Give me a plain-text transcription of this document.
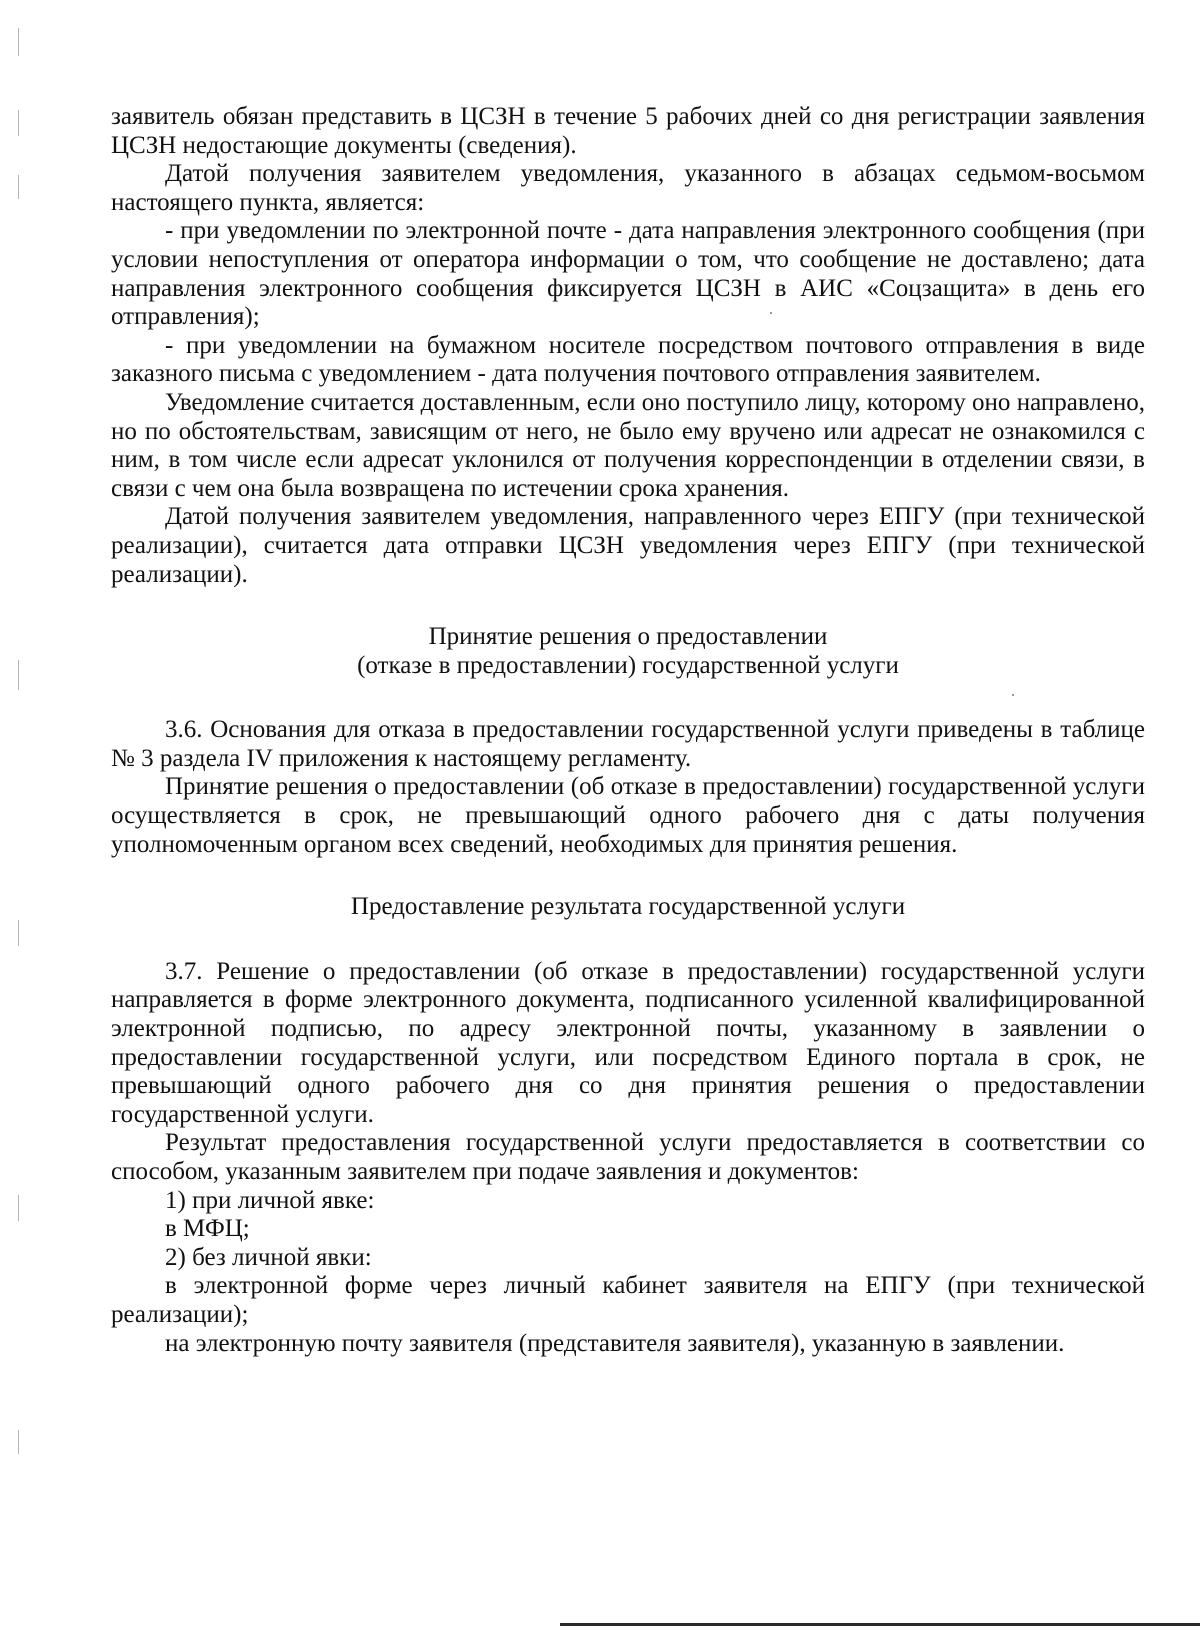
заявитель обязан представить в ЦСЗН в течение 5 рабочих дней со дня регистрации заявления ЦСЗН недостающие документы (сведения).

Датой получения заявителем уведомления, указанного в абзацах седьмом-восьмом настоящего пункта, является:

- при уведомлении по электронной почте - дата направления электронного сообщения (при условии непоступления от оператора информации о том, что сообщение не доставлено; дата направления электронного сообщения фиксируется ЦСЗН в АИС «Соцзащита» в день его отправления);

- при уведомлении на бумажном носителе посредством почтового отправления в виде заказного письма с уведомлением - дата получения почтового отправления заявителем.

Уведомление считается доставленным, если оно поступило лицу, которому оно направлено, но по обстоятельствам, зависящим от него, не было ему вручено или адресат не ознакомился с ним, в том числе если адресат уклонился от получения корреспонденции в отделении связи, в связи с чем она была возвращена по истечении срока хранения.

Датой получения заявителем уведомления, направленного через ЕПГУ (при технической реализации), считается дата отправки ЦСЗН уведомления через ЕПГУ (при технической реализации).

Принятие решения о предоставлении

(отказе в предоставлении) государственной услуги

3.6. Основания для отказа в предоставлении государственной услуги приведены в таблице № 3 раздела IV приложения к настоящему регламенту.

Принятие решения о предоставлении (об отказе в предоставлении) государственной услуги осуществляется в срок, не превышающий одного рабочего дня с даты получения уполномоченным органом всех сведений, необходимых для принятия решения.

Предоставление результата государственной услуги

3.7. Решение о предоставлении (об отказе в предоставлении) государственной услуги направляется в форме электронного документа, подписанного усиленной квалифицированной электронной подписью, по адресу электронной почты, указанному в заявлении о предоставлении государственной услуги, или посредством Единого портала в срок, не превышающий одного рабочего дня со дня принятия решения о предоставлении государственной услуги.

Результат предоставления государственной услуги предоставляется в соответствии со способом, указанным заявителем при подаче заявления и документов:

1) при личной явке:

в МФЦ;

2) без личной явки:

в электронной форме через личный кабинет заявителя на ЕПГУ (при технической реализации);

на электронную почту заявителя (представителя заявителя), указанную в заявлении.
